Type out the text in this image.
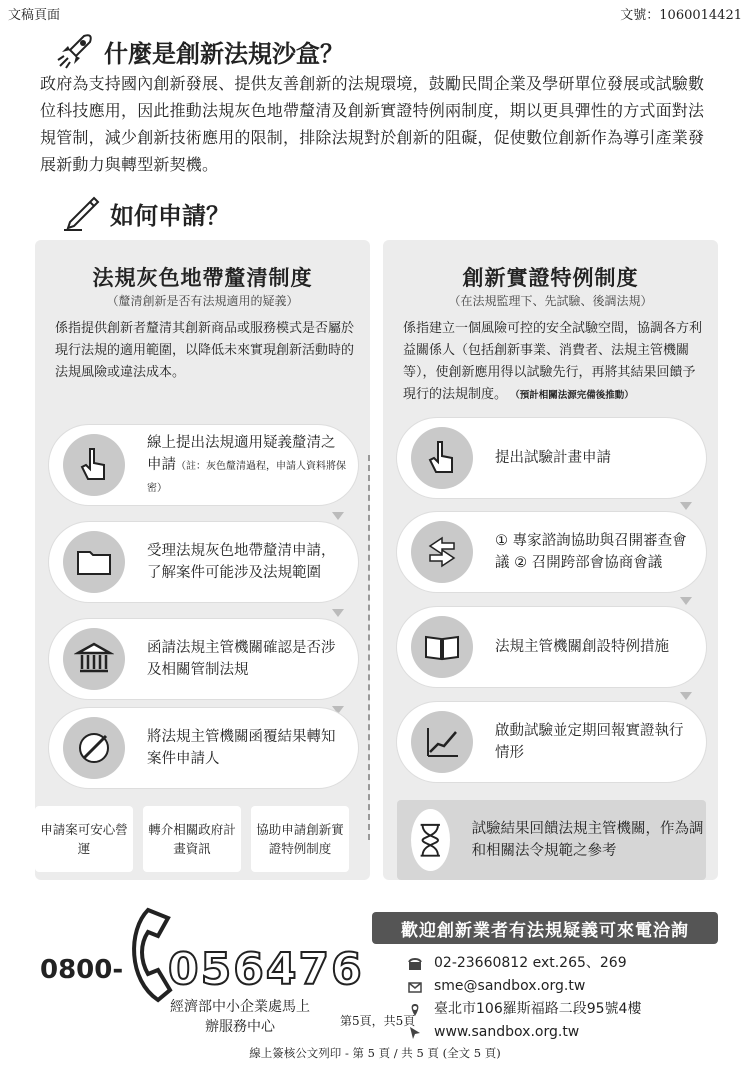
文稿頁面	文號：1060014421
什麼是創新法規沙盒？
政府為支持國內創新發展、提供友善創新的法規環境，鼓勵民間企業及學研單位發展或試驗數位科技應用，因此推動法規灰色地帶釐清及創新實證特例兩制度，期以更具彈性的方式面對法規管制，減少創新技術應用的限制，排除法規對於創新的阻礙，促使數位創新作為導引產業發展新動力與轉型新契機。
如何申請？
法規灰色地帶釐清制度
（釐清創新是否有法規適用的疑義）
係指提供創新者釐清其創新商品或服務模式是否屬於現行法規的適用範圍，以降低未來實現創新活動時的法規風險或違法成本。
線上提出法規適用疑義釐清之申請（註：灰色釐清過程，申請人資料將保密）
受理法規灰色地帶釐清申請，了解案件可能涉及法規範圍
函請法規主管機關確認是否涉及相關管制法規
將法規主管機關函覆結果轉知案件申請人
申請案可安心營運
轉介相關政府計畫資訊
協助申請創新實證特例制度
創新實證特例制度
（在法規監理下、先試驗、後調法規）
係指建立一個風險可控的安全試驗空間，協調各方利益關係人（包括創新事業、消費者、法規主管機關等），使創新應用得以試驗先行，再將其結果回饋予現行的法規制度。 （預計相關法源完備後推動）
提出試驗計畫申請
① 專家諮詢協助與召開審查會議 ② 召開跨部會協商會議
法規主管機關創設特例措施
啟動試驗並定期回報實證執行情形
試驗結果回饋法規主管機關，作為調和相關法令規範之參考
歡迎創新業者有法規疑義可來電洽詢
0800- 056476
經濟部中小企業處馬上辦服務中心	第5頁，共5頁
02-23660812 ext.265、269
sme@sandbox.org.tw
臺北市106羅斯福路二段95號4樓
www.sandbox.org.tw
線上簽核公文列印 - 第 5 頁 / 共 5 頁 (全文 5 頁)
